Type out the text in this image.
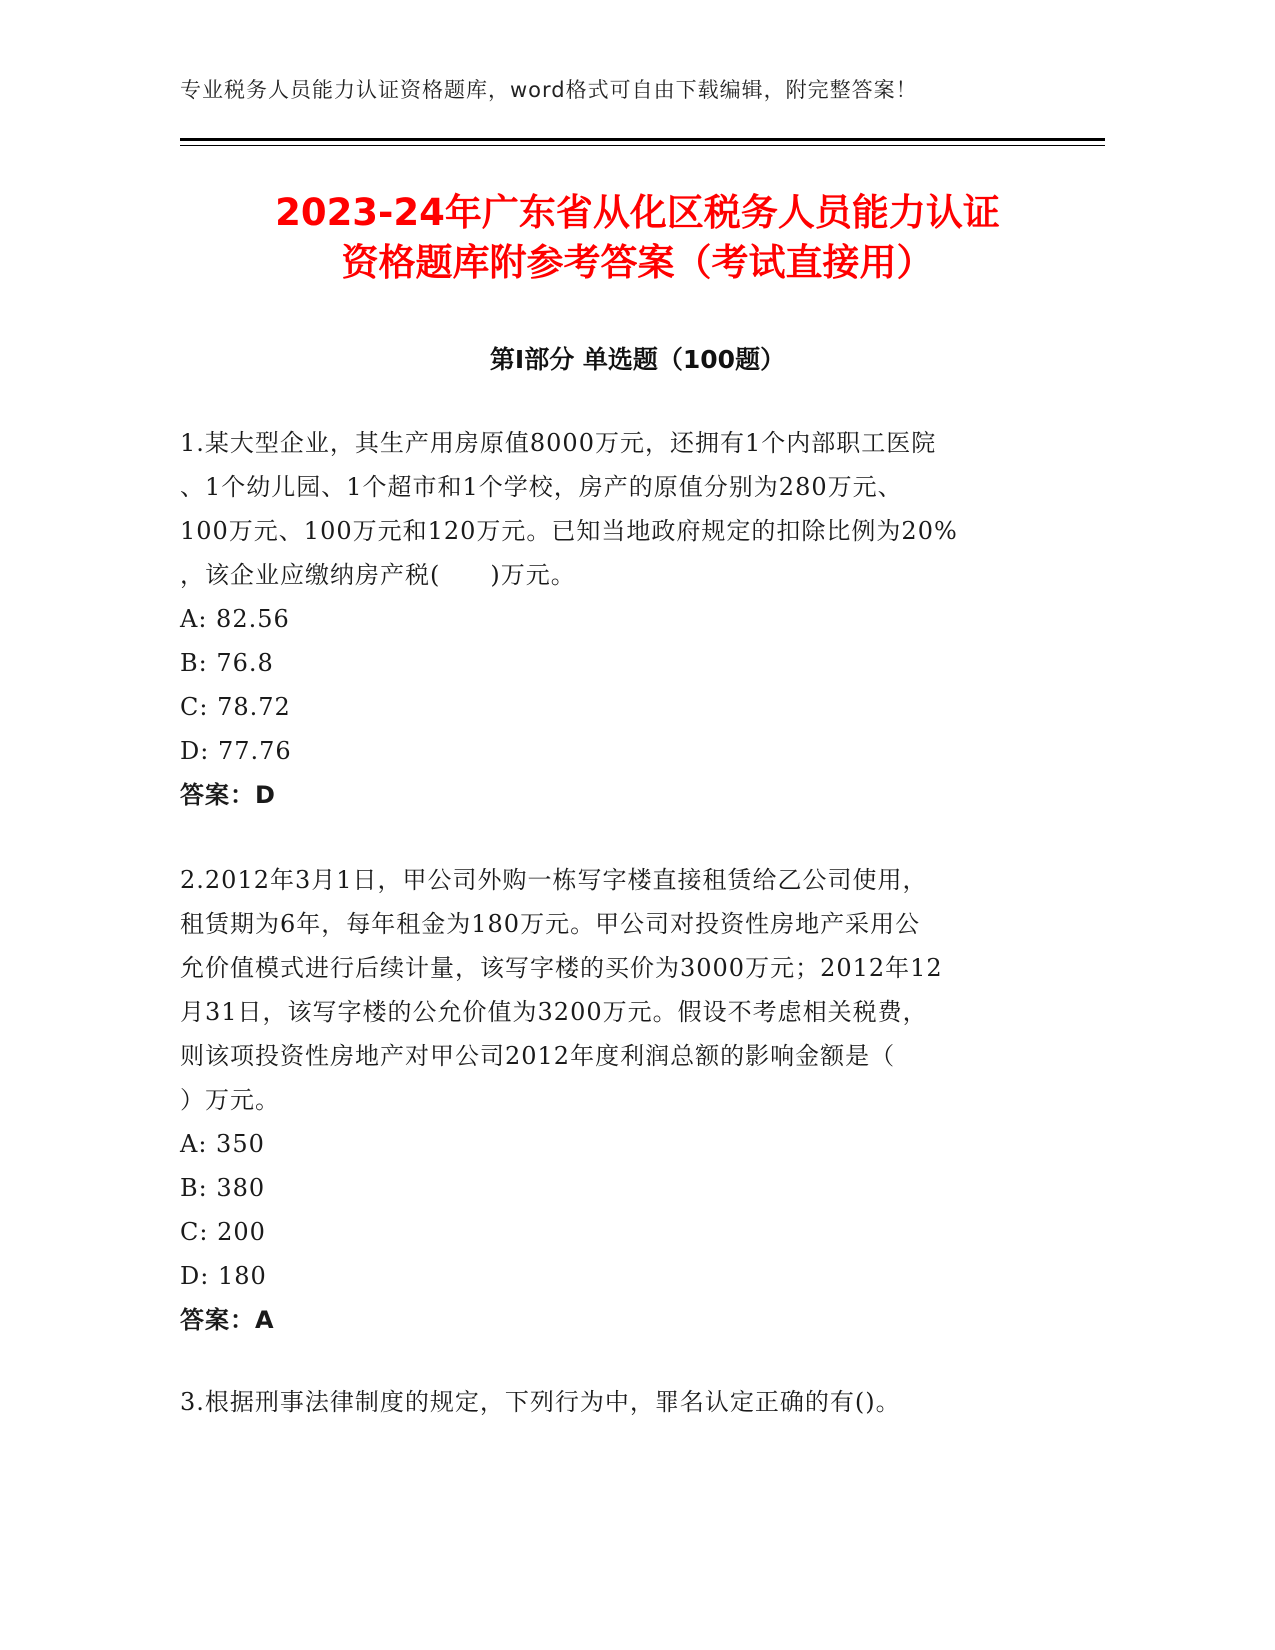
专业税务人员能力认证资格题库，word格式可自由下载编辑，附完整答案！
2023-24年广东省从化区税务人员能力认证
资格题库附参考答案（考试直接用）
第I部分 单选题（100题）
1.某大型企业，其生产用房原值8000万元，还拥有1个内部职工医院
、1个幼儿园、1个超市和1个学校，房产的原值分别为280万元、
100万元、100万元和120万元。已知当地政府规定的扣除比例为20%
，该企业应缴纳房产税(　　)万元。
A: 82.56
B: 76.8
C: 78.72
D: 77.76
答案：D
2.2012年3月1日，甲公司外购一栋写字楼直接租赁给乙公司使用，
租赁期为6年，每年租金为180万元。甲公司对投资性房地产采用公
允价值模式进行后续计量，该写字楼的买价为3000万元；2012年12
月31日，该写字楼的公允价值为3200万元。假设不考虑相关税费，
则该项投资性房地产对甲公司2012年度利润总额的影响金额是（
）万元。
A: 350
B: 380
C: 200
D: 180
答案：A
3.根据刑事法律制度的规定，下列行为中，罪名认定正确的有()。
